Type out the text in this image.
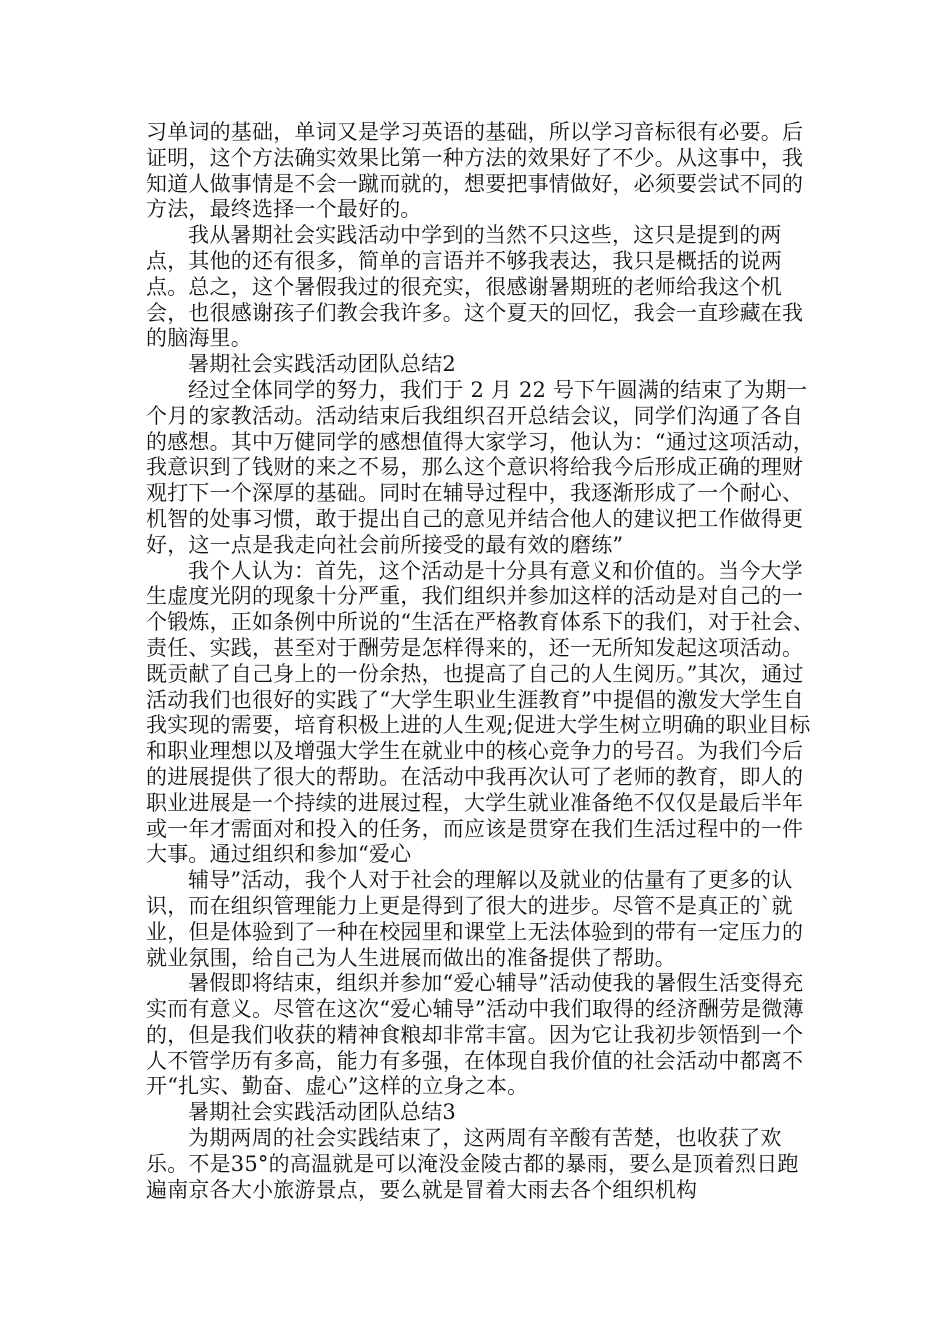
习单词的基础，单词又是学习英语的基础，所以学习音标很有必要。后证明，这个方法确实效果比第一种方法的效果好了不少。从这事中，我知道人做事情是不会一蹴而就的，想要把事情做好，必须要尝试不同的方法，最终选择一个最好的。

我从暑期社会实践活动中学到的当然不只这些，这只是提到的两点，其他的还有很多，简单的言语并不够我表达，我只是概括的说两点。总之，这个暑假我过的很充实，很感谢暑期班的老师给我这个机会，也很感谢孩子们教会我许多。这个夏天的回忆，我会一直珍藏在我的脑海里。

暑期社会实践活动团队总结2

经过全体同学的努力，我们于 2 月 22 号下午圆满的结束了为期一个月的家教活动。活动结束后我组织召开总结会议，同学们沟通了各自的感想。其中万健同学的感想值得大家学习，他认为：“通过这项活动，我意识到了钱财的来之不易，那么这个意识将给我今后形成正确的理财观打下一个深厚的基础。同时在辅导过程中，我逐渐形成了一个耐心、机智的处事习惯，敢于提出自己的意见并结合他人的建议把工作做得更好，这一点是我走向社会前所接受的最有效的磨练”

我个人认为：首先，这个活动是十分具有意义和价值的。当今大学生虚度光阴的现象十分严重，我们组织并参加这样的活动是对自己的一个锻炼，正如条例中所说的“生活在严格教育体系下的我们，对于社会、责任、实践，甚至对于酬劳是怎样得来的，还一无所知发起这项活动。既贡献了自己身上的一份余热，也提高了自己的人生阅历。”其次，通过活动我们也很好的实践了“大学生职业生涯教育”中提倡的激发大学生自我实现的需要，培育积极上进的人生观;促进大学生树立明确的职业目标和职业理想以及增强大学生在就业中的核心竞争力的号召。为我们今后的进展提供了很大的帮助。在活动中我再次认可了老师的教育，即人的职业进展是一个持续的进展过程，大学生就业准备绝不仅仅是最后半年或一年才需面对和投入的任务，而应该是贯穿在我们生活过程中的一件大事。通过组织和参加“爱心

辅导”活动，我个人对于社会的理解以及就业的估量有了更多的认识，而在组织管理能力上更是得到了很大的进步。尽管不是真正的`就业，但是体验到了一种在校园里和课堂上无法体验到的带有一定压力的就业氛围，给自己为人生进展而做出的准备提供了帮助。

暑假即将结束，组织并参加“爱心辅导”活动使我的暑假生活变得充实而有意义。尽管在这次“爱心辅导”活动中我们取得的经济酬劳是微薄的，但是我们收获的精神食粮却非常丰富。因为它让我初步领悟到一个人不管学历有多高，能力有多强，在体现自我价值的社会活动中都离不开“扎实、勤奋、虚心”这样的立身之本。

暑期社会实践活动团队总结3

为期两周的社会实践结束了，这两周有辛酸有苦楚，也收获了欢乐。不是35°的高温就是可以淹没金陵古都的暴雨，要么是顶着烈日跑遍南京各大小旅游景点，要么就是冒着大雨去各个组织机构
